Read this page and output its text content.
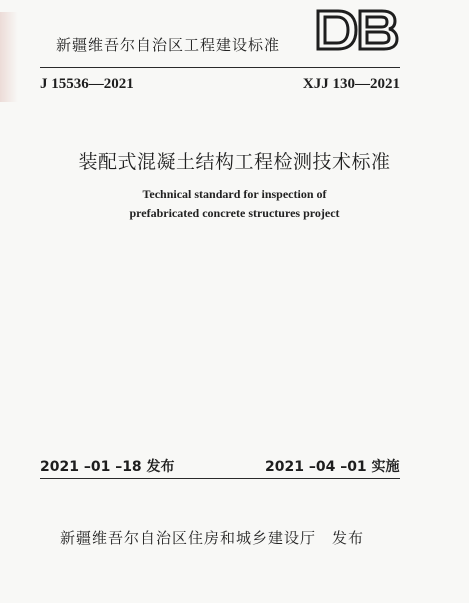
新疆维吾尔自治区工程建设标准
J 15536—2021	XJJ 130—2021
装配式混凝土结构工程检测技术标准
Technical standard for inspection of
prefabricated concrete structures project
2021 –01 –18 发布	2021 –04 –01 实施
新疆维吾尔自治区住房和城乡建设厅　发布
